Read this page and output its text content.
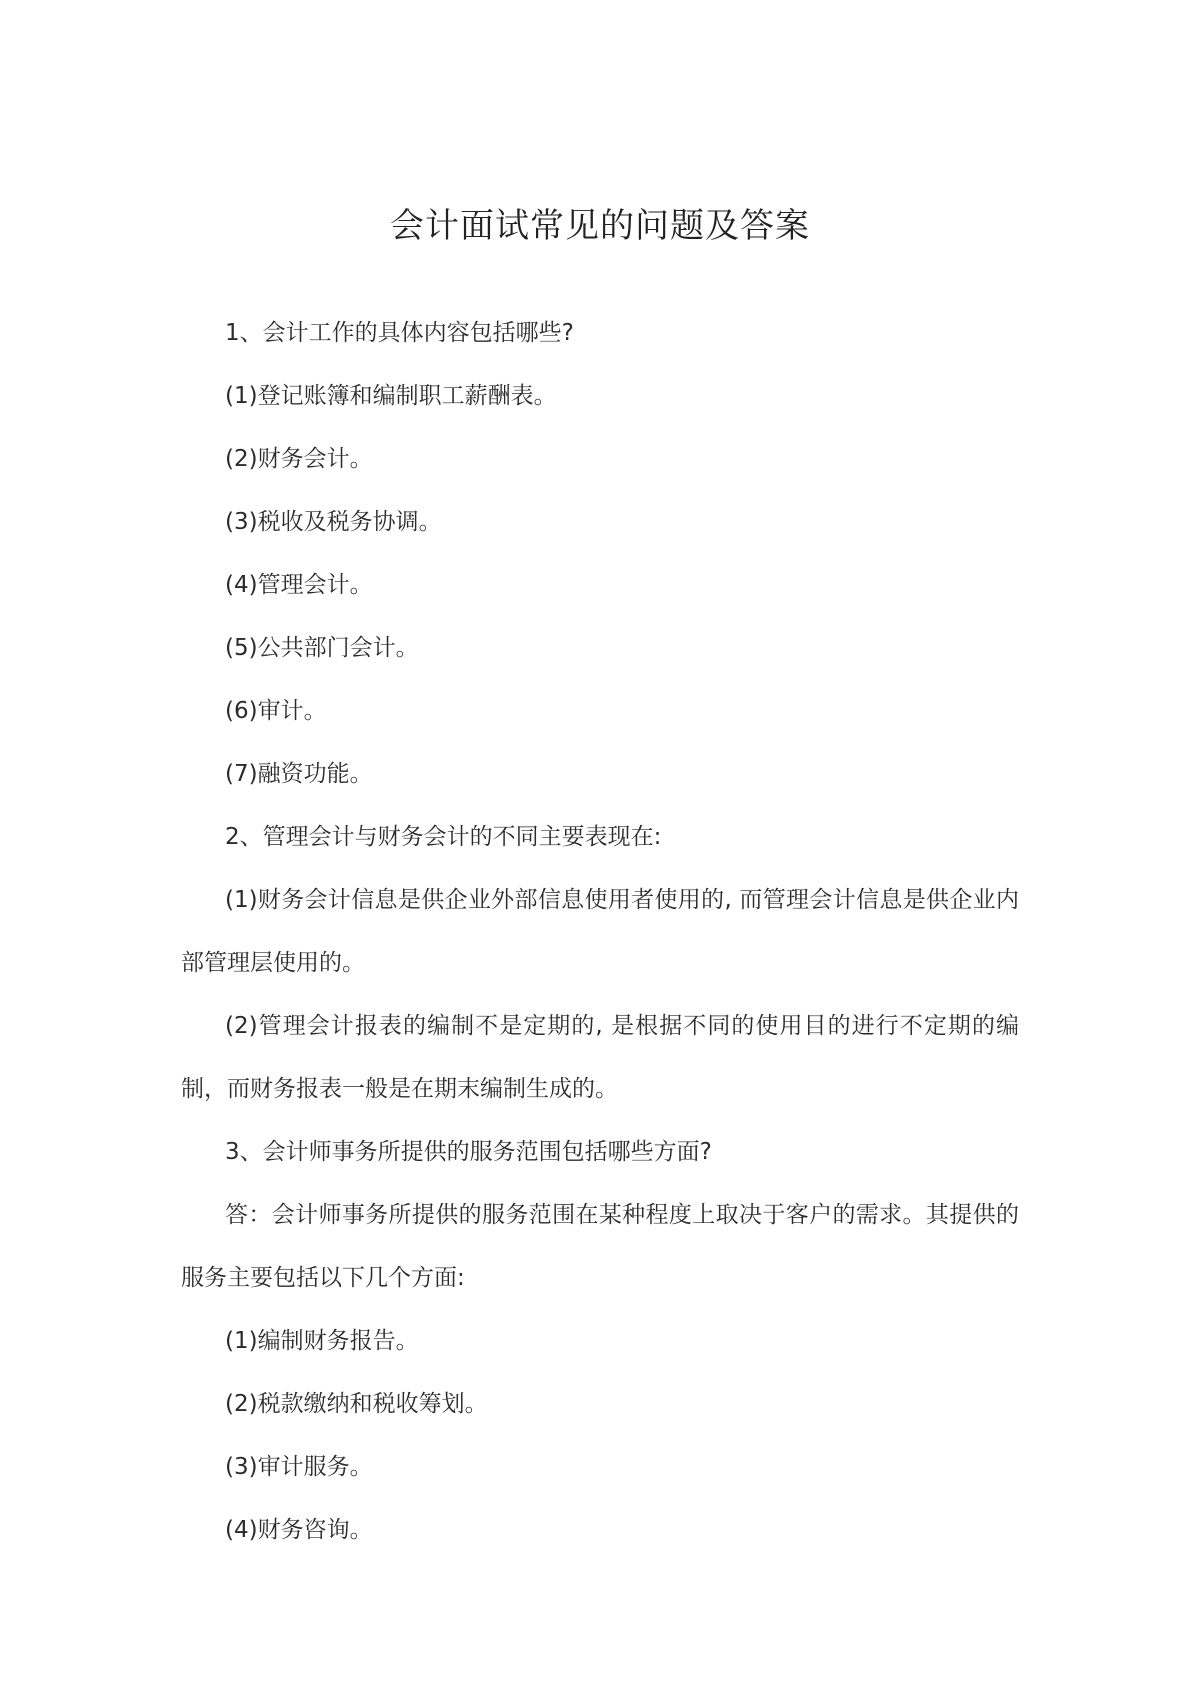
会计面试常见的问题及答案

1、会计工作的具体内容包括哪些?

(1)登记账簿和编制职工薪酬表。

(2)财务会计。

(3)税收及税务协调。

(4)管理会计。

(5)公共部门会计。

(6)审计。

(7)融资功能。

2、管理会计与财务会计的不同主要表现在:

(1)财务会计信息是供企业外部信息使用者使用的, 而管理会计信息是供企业内部管理层使用的。

(2)管理会计报表的编制不是定期的, 是根据不同的使用目的进行不定期的编制，而财务报表一般是在期末编制生成的。

3、会计师事务所提供的服务范围包括哪些方面?

答：会计师事务所提供的服务范围在某种程度上取决于客户的需求。其提供的服务主要包括以下几个方面:

(1)编制财务报告。

(2)税款缴纳和税收筹划。

(3)审计服务。

(4)财务咨询。
